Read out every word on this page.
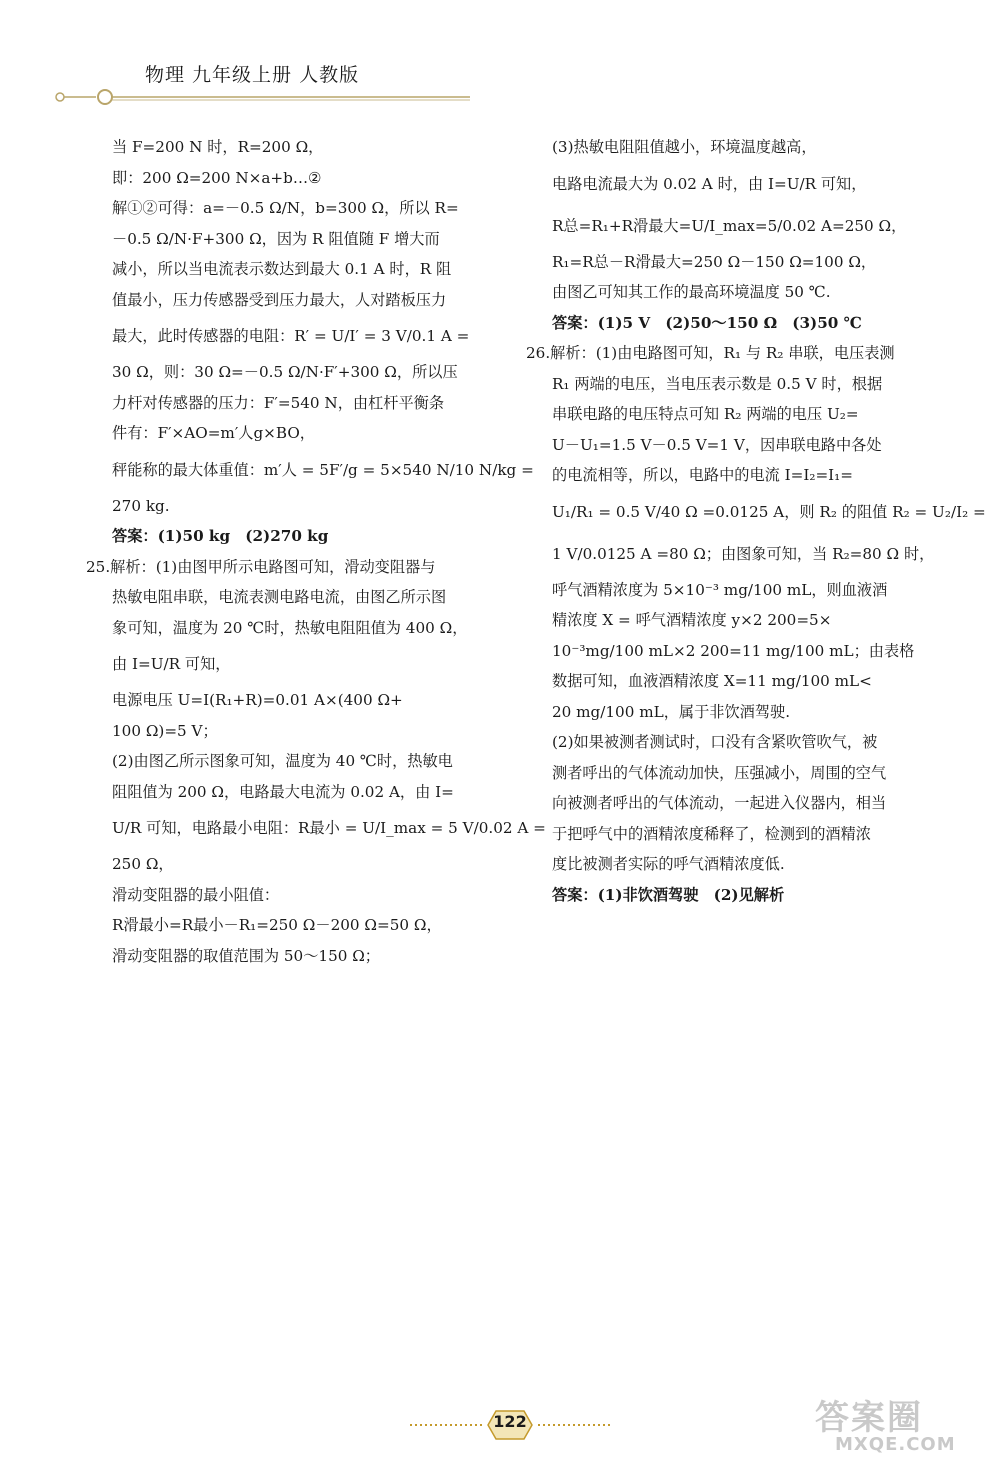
物理 九年级上册 人教版
当 F=200 N 时，R=200 Ω，
即：200 Ω=200 N×a+b…②
解①②可得：a=－0.5 Ω/N，b=300 Ω，所以 R=
－0.5 Ω/N·F+300 Ω，因为 R 阻值随 F 增大而
减小，所以当电流表示数达到最大 0.1 A 时，R 阻
值最小，压力传感器受到压力最大，人对踏板压力
最大，此时传感器的电阻：R′ = U/I′ = 3 V/0.1 A =
30 Ω，则：30 Ω=－0.5 Ω/N·F′+300 Ω，所以压
力杆对传感器的压力：F′=540 N，由杠杆平衡条
件有：F′×AO=m′人g×BO，
秤能称的最大体重值：m′人 = 5F′/g = 5×540 N/10 N/kg =
270 kg.
答案：(1)50 kg　(2)270 kg
25.解析：(1)由图甲所示电路图可知，滑动变阻器与
热敏电阻串联，电流表测电路电流，由图乙所示图
象可知，温度为 20 ℃时，热敏电阻阻值为 400 Ω，
由 I=U/R 可知，
电源电压 U=I(R₁+R)=0.01 A×(400 Ω+
100 Ω)=5 V；
(2)由图乙所示图象可知，温度为 40 ℃时，热敏电
阻阻值为 200 Ω，电路最大电流为 0.02 A，由 I=
U/R 可知，电路最小电阻：R最小 = U/I_max = 5 V/0.02 A =
250 Ω，
滑动变阻器的最小阻值：
R滑最小=R最小－R₁=250 Ω－200 Ω=50 Ω，
滑动变阻器的取值范围为 50～150 Ω；
(3)热敏电阻阻值越小，环境温度越高，
电路电流最大为 0.02 A 时，由 I=U/R 可知，
R总=R₁+R滑最大=U/I_max=5/0.02 A=250 Ω，
R₁=R总－R滑最大=250 Ω－150 Ω=100 Ω，
由图乙可知其工作的最高环境温度 50 ℃.
答案：(1)5 V　(2)50～150 Ω　(3)50 ℃
26.解析：(1)由电路图可知，R₁ 与 R₂ 串联，电压表测
R₁ 两端的电压，当电压表示数是 0.5 V 时，根据
串联电路的电压特点可知 R₂ 两端的电压 U₂=
U－U₁=1.5 V－0.5 V=1 V，因串联电路中各处
的电流相等，所以，电路中的电流 I=I₂=I₁=
U₁/R₁ = 0.5 V/40 Ω =0.0125 A，则 R₂ 的阻值 R₂ = U₂/I₂ =
1 V/0.0125 A =80 Ω；由图象可知，当 R₂=80 Ω 时，
呼气酒精浓度为 5×10⁻³ mg/100 mL，则血液酒
精浓度 X = 呼气酒精浓度 y×2 200=5×
10⁻³mg/100 mL×2 200=11 mg/100 mL；由表格
数据可知，血液酒精浓度 X=11 mg/100 mL<
20 mg/100 mL，属于非饮酒驾驶.
(2)如果被测者测试时，口没有含紧吹管吹气，被
测者呼出的气体流动加快，压强减小，周围的空气
向被测者呼出的气体流动，一起进入仪器内，相当
于把呼气中的酒精浓度稀释了，检测到的酒精浓
度比被测者实际的呼气酒精浓度低.
答案：(1)非饮酒驾驶　(2)见解析
122	答案圈
MXQE.COM
